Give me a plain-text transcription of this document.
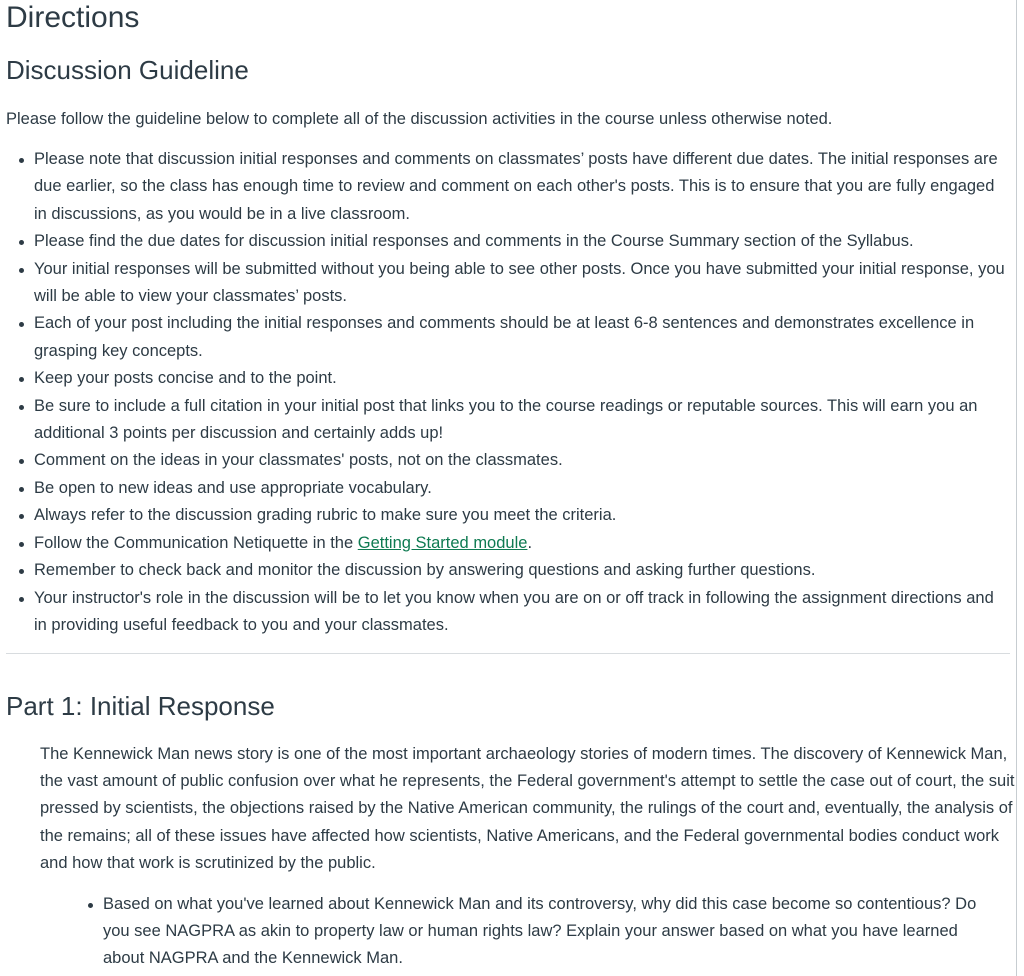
Directions
Discussion Guideline

Please follow the guideline below to complete all of the discussion activities in the course unless otherwise noted.

Please note that discussion initial responses and comments on classmates’ posts have different due dates. The initial responses are due earlier, so the class has enough time to review and comment on each other's posts. This is to ensure that you are fully engaged in discussions, as you would be in a live classroom.
Please find the due dates for discussion initial responses and comments in the Course Summary section of the Syllabus.
Your initial responses will be submitted without you being able to see other posts. Once you have submitted your initial response, you will be able to view your classmates’ posts.
Each of your post including the initial responses and comments should be at least 6-8 sentences and demonstrates excellence in grasping key concepts.
Keep your posts concise and to the point.
Be sure to include a full citation in your initial post that links you to the course readings or reputable sources. This will earn you an additional 3 points per discussion and certainly adds up!
Comment on the ideas in your classmates' posts, not on the classmates.
Be open to new ideas and use appropriate vocabulary.
Always refer to the discussion grading rubric to make sure you meet the criteria.
Follow the Communication Netiquette in the Getting Started module.
Remember to check back and monitor the discussion by answering questions and asking further questions.
Your instructor's role in the discussion will be to let you know when you are on or off track in following the assignment directions and in providing useful feedback to you and your classmates.
Part 1: Initial Response

The Kennewick Man news story is one of the most important archaeology stories of modern times. The discovery of Kennewick Man, the vast amount of public confusion over what he represents, the Federal government's attempt to settle the case out of court, the suit pressed by scientists, the objections raised by the Native American community, the rulings of the court and, eventually, the analysis of the remains; all of these issues have affected how scientists, Native Americans, and the Federal governmental bodies conduct work and how that work is scrutinized by the public.

Based on what you've learned about Kennewick Man and its controversy, why did this case become so contentious? Do you see NAGPRA as akin to property law or human rights law? Explain your answer based on what you have learned about NAGPRA and the Kennewick Man.
